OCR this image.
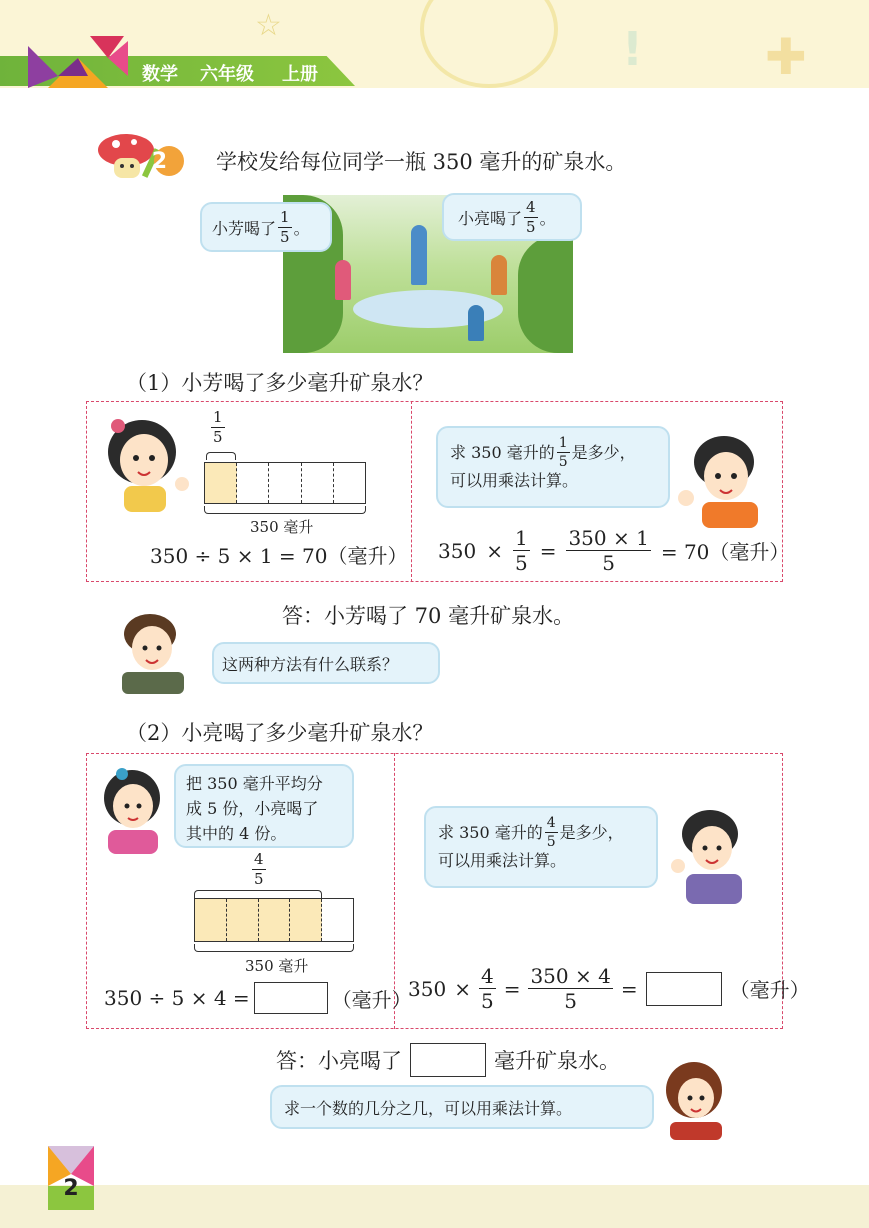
☆	! ✚
数学 六年级 上册
2	学校发给每位同学一瓶 350 毫升的矿泉水。
小芳喝了 $\frac{1}{5}$ 。
小亮喝了 $\frac{4}{5}$ 。
（1）小芳喝了多少毫升矿泉水？
$\frac{1}{5}$
350 毫升
350 ÷ 5 × 1 = 70（毫升）
求 350 毫升的 $\frac{1}{5}$ 是多少，
可以用乘法计算。
$350 \times \frac{1}{5} = \frac{350 \times 1}{5} = 70$（毫升）
答：小芳喝了 70 毫升矿泉水。
这两种方法有什么联系？
（2）小亮喝了多少毫升矿泉水？
把 350 毫升平均分
成 5 份，小亮喝了
其中的 4 份。
$\frac{4}{5}$
350 毫升
350 ÷ 5 × 4 =	（毫升）
求 350 毫升的 $\frac{4}{5}$ 是多少，
可以用乘法计算。
$350 \times \frac{4}{5} = \frac{350 \times 4}{5}$ =	（毫升）
答：小亮喝了	毫升矿泉水。
求一个数的几分之几，可以用乘法计算。
2
